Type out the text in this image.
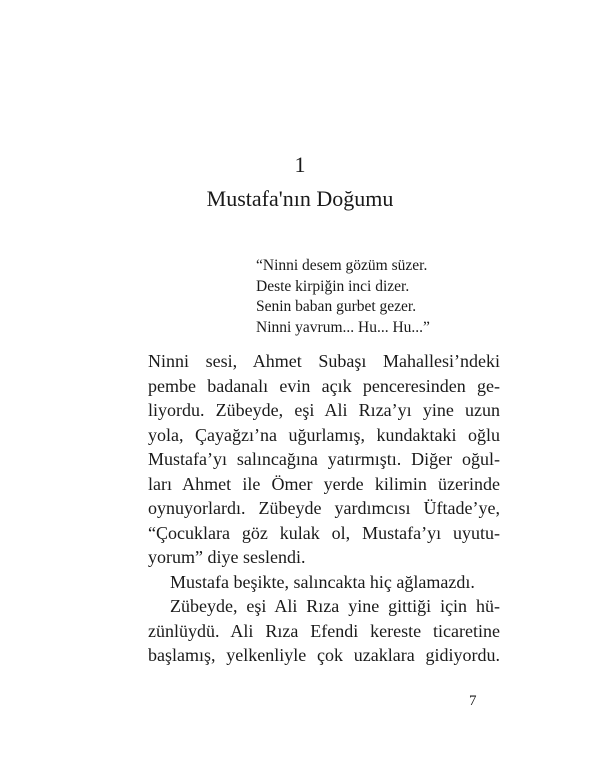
1
Mustafa'nın Doğumu
“Ninni desem gözüm süzer.
Deste kirpiğin inci dizer.
Senin baban gurbet gezer.
Ninni yavrum... Hu... Hu...”
Ninni sesi, Ahmet Subaşı Mahallesi’ndeki
pembe badanalı evin açık penceresinden ge-
liyordu. Zübeyde, eşi Ali Rıza’yı yine uzun
yola, Çayağzı’na uğurlamış, kundaktaki oğlu
Mustafa’yı salıncağına yatırmıştı. Diğer oğul-
ları Ahmet ile Ömer yerde kilimin üzerinde
oynuyorlardı. Zübeyde yardımcısı Üftade’ye,
“Çocuklara göz kulak ol, Mustafa’yı uyutu-
yorum” diye seslendi.
Mustafa beşikte, salıncakta hiç ağlamazdı.
Zübeyde, eşi Ali Rıza yine gittiği için hü-
zünlüydü. Ali Rıza Efendi kereste ticaretine
başlamış, yelkenliyle çok uzaklara gidiyordu.
7
